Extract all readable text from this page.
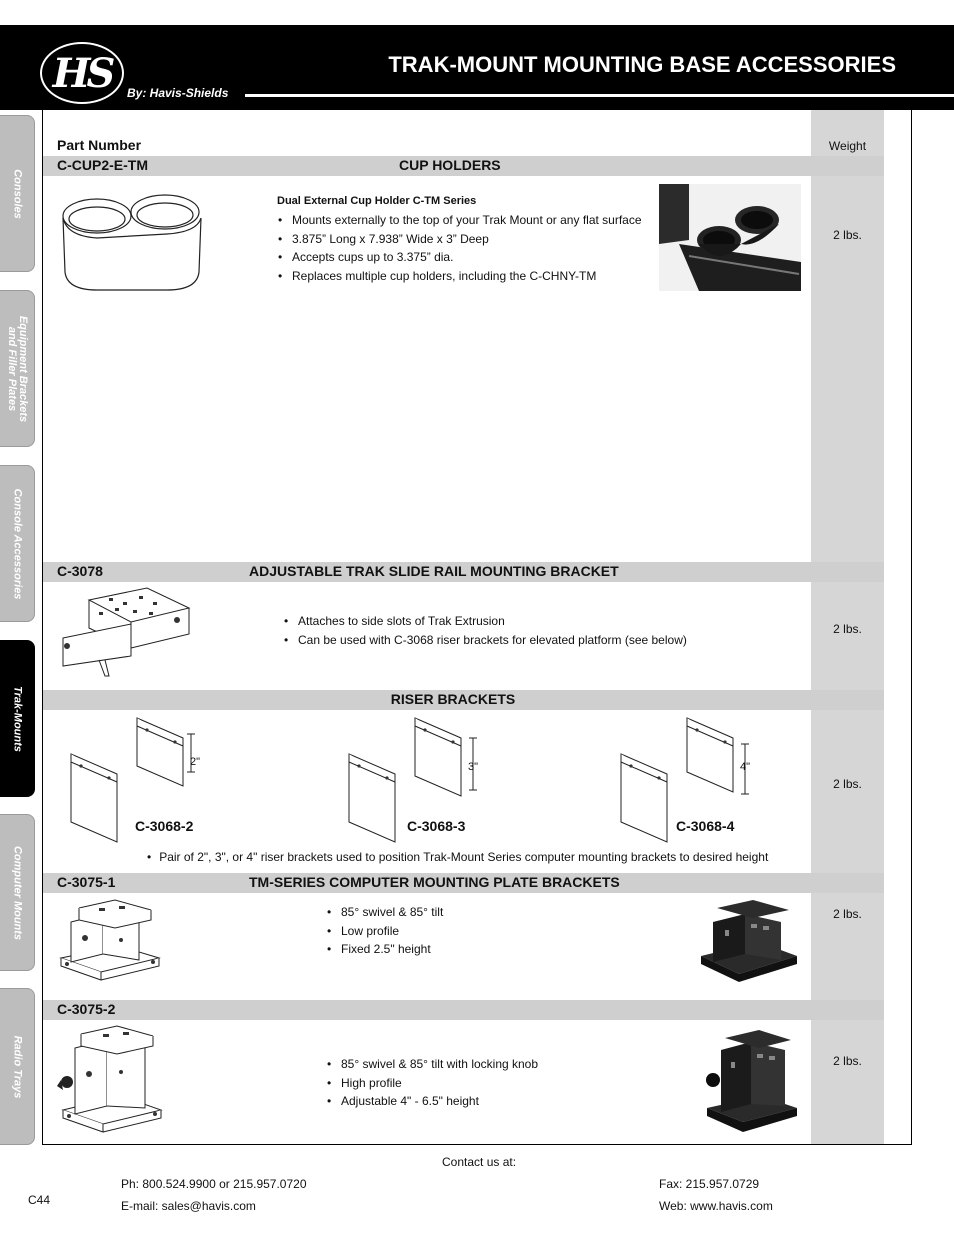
HS	By: Havis-Shields
TRAK-MOUNT MOUNTING BASE ACCESSORIES
Consoles
Equipment Brackets
and Filler Plates
Console Accessories
Trak-Mounts
Computer Mounts
Radio Trays
Part Number	Weight
C-CUP2-E-TM	CUP HOLDERS
Dual External Cup Holder C-TM Series
• Mounts externally to the top of your Trak Mount or any flat surface
• 3.875” Long x 7.938” Wide x 3” Deep
• Accepts cups up to 3.375” dia.
• Replaces multiple cup holders, including the C-CHNY-TM
2 lbs.
C-3078	ADJUSTABLE TRAK SLIDE RAIL MOUNTING BRACKET
• Attaches to side slots of Trak Extrusion
• Can be used with C-3068 riser brackets for elevated platform (see below)
2 lbs.
RISER BRACKETS
2"
C-3068-2
3"
C-3068-3
4"
C-3068-4
• Pair of 2", 3", or 4" riser brackets used to position Trak-Mount Series computer mounting brackets to desired height
2 lbs.
C-3075-1	TM-SERIES COMPUTER MOUNTING PLATE BRACKETS
• 85° swivel & 85° tilt
• Low profile
• Fixed 2.5" height
2 lbs.
C-3075-2
• 85° swivel & 85° tilt with locking knob
• High profile
• Adjustable 4" - 6.5" height
2 lbs.
Contact us at:
Ph: 800.524.9900 or 215.957.0720
E-mail: sales@havis.com
Fax: 215.957.0729
Web: www.havis.com
C44
